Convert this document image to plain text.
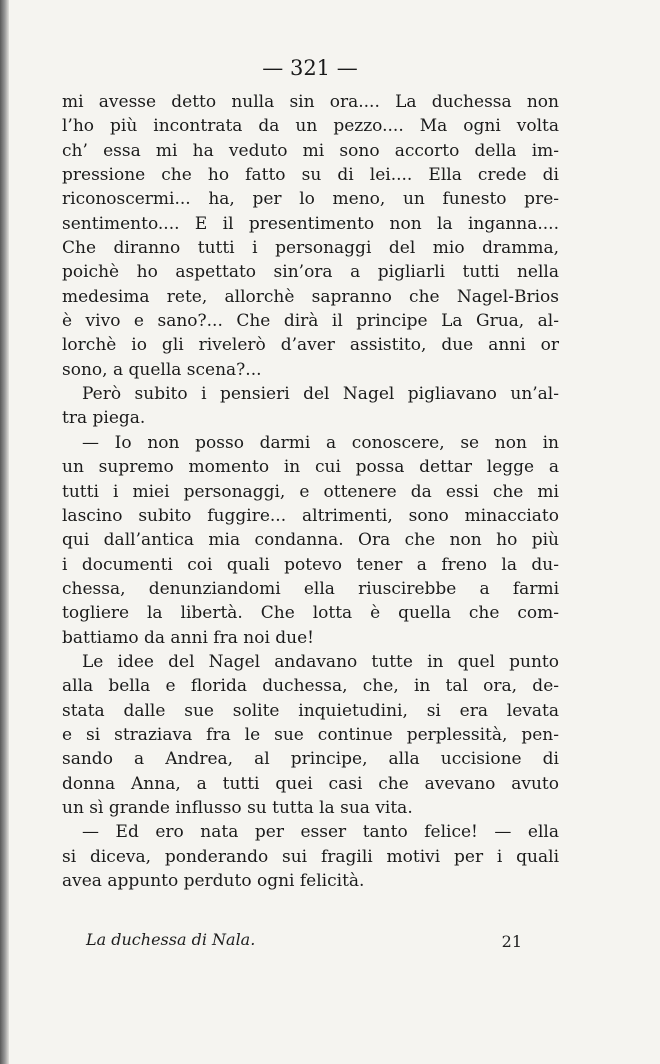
— 321 —
mi avesse detto nulla sin ora.... La duchessa non
l’ho più incontrata da un pezzo.... Ma ogni volta
ch’ essa mi ha veduto mi sono accorto della im-
pressione che ho fatto su di lei.... Ella crede di
riconoscermi... ha, per lo meno, un funesto pre-
sentimento.... E il presentimento non la inganna....
Che diranno tutti i personaggi del mio dramma,
poichè ho aspettato sin’ora a pigliarli tutti nella
medesima rete, allorchè sapranno che Nagel-Brios
è vivo e sano?... Che dirà il principe La Grua, al-
lorchè io gli rivelerò d’aver assistito, due anni or
sono, a quella scena?...
Però subito i pensieri del Nagel pigliavano un’al-
tra piega.
— Io non posso darmi a conoscere, se non in
un supremo momento in cui possa dettar legge a
tutti i miei personaggi, e ottenere da essi che mi
lascino subito fuggire... altrimenti, sono minacciato
qui dall’antica mia condanna. Ora che non ho più
i documenti coi quali potevo tener a freno la du-
chessa, denunziandomi ella riuscirebbe a farmi
togliere la libertà. Che lotta è quella che com-
battiamo da anni fra noi due!
Le idee del Nagel andavano tutte in quel punto
alla bella e florida duchessa, che, in tal ora, de-
stata dalle sue solite inquietudini, si era levata
e si straziava fra le sue continue perplessità, pen-
sando a Andrea, al principe, alla uccisione di
donna Anna, a tutti quei casi che avevano avuto
un sì grande influsso su tutta la sua vita.
— Ed ero nata per esser tanto felice! — ella
si diceva, ponderando sui fragili motivi per i quali
avea appunto perduto ogni felicità.
La duchessa di Nala.	21
